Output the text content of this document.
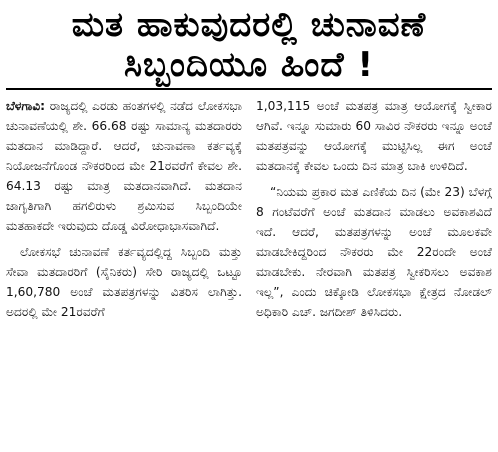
ಮತ ಹಾಕುವುದರಲ್ಲಿ ಚುನಾವಣೆ
ಸಿಬ್ಬಂದಿಯೂ ಹಿಂದೆ !

ಬೆಳಗಾವಿ: ರಾಜ್ಯದಲ್ಲಿ ಎರಡು ಹಂತಗಳಲ್ಲಿ ನಡೆದ ಲೋಕಸಭಾ ಚುನಾವಣೆಯಲ್ಲಿ ಶೇ. 66.68 ರಷ್ಟು ಸಾಮಾನ್ಯ ಮತದಾರರು ಮತದಾನ ಮಾಡಿದ್ದಾರೆ. ಆದರೆ, ಚುನಾವಣಾ ಕರ್ತವ್ಯಕ್ಕೆ ನಿಯೋಜನೆಗೊಂಡ ನೌಕರರಿಂದ ಮೇ 21ರವರೆಗೆ ಕೇವಲ ಶೇ. 64.13 ರಷ್ಟು ಮಾತ್ರ ಮತದಾನವಾಗಿದೆ. ಮತದಾನ ಜಾಗೃತಿಗಾಗಿ ಹಗಲಿರುಳು ಶ್ರಮಿಸುವ ಸಿಬ್ಬಂದಿಯೇ ಮತಹಾಕದೇ ಇರುವುದು ದೊಡ್ಡ ವಿರೋಧಾಭಾಸವಾಗಿದೆ.

ಲೋಕಸಭೆ ಚುನಾವಣೆ ಕರ್ತವ್ಯದಲ್ಲಿದ್ದ ಸಿಬ್ಬಂದಿ ಮತ್ತು ಸೇವಾ ಮತದಾರರಿಗೆ (ಸೈನಿಕರು) ಸೇರಿ ರಾಜ್ಯದಲ್ಲಿ ಒಟ್ಟೂ 1,60,780 ಅಂಚೆ ಮತಪತ್ರಗಳನ್ನು ವಿತರಿಸ ಲಾಗಿತ್ತು. ಅದರಲ್ಲಿ ಮೇ 21ರವರೆಗೆ

1,03,115 ಅಂಚೆ ಮತಪತ್ರ ಮಾತ್ರ ಆಯೋಗಕ್ಕೆ ಸ್ವೀಕಾರ ಆಗಿವೆ. ಇನ್ನೂ ಸುಮಾರು 60 ಸಾವಿರ ನೌಕರರು ಇನ್ನೂ ಅಂಚೆ ಮತಪತ್ರವನ್ನು ಆಯೋಗಕ್ಕೆ ಮುಟ್ಟಿಸಿಲ್ಲ ಈಗ ಅಂಚೆ ಮತದಾನಕ್ಕೆ ಕೇವಲ ಒಂದು ದಿನ ಮಾತ್ರ ಬಾಕಿ ಉಳಿದಿದೆ.

“ನಿಯಮ ಪ್ರಕಾರ ಮತ ಎಣಿಕೆಯ ದಿನ (ಮೇ 23) ಬೆಳಗ್ಗೆ 8 ಗಂಟೆವರೆಗೆ ಅಂಚೆ ಮತದಾನ ಮಾಡಲು ಅವಕಾಶವಿದೆ ಇದೆ. ಆದರೆ, ಮತಪತ್ರಗಳನ್ನು ಅಂಚೆ ಮೂಲಕವೇ ಮಾಡಬೇಕಿದ್ದರಿಂದ ನೌಕರರು ಮೇ 22ರಂದೇ ಅಂಚೆ ಮಾಡಬೇಕು. ನೇರವಾಗಿ ಮತಪತ್ರ ಸ್ವೀಕರಿಸಲು ಅವಕಾಶ ಇಲ್ಲ”, ಎಂದು ಚಿಕ್ಕೋಡಿ ಲೋಕಸಭಾ ಕ್ಷೇತ್ರದ ನೋಡಲ್ ಅಧಿಕಾರಿ ಎಚ್. ಜಗದೀಶ್ ತಿಳಿಸಿದರು.
